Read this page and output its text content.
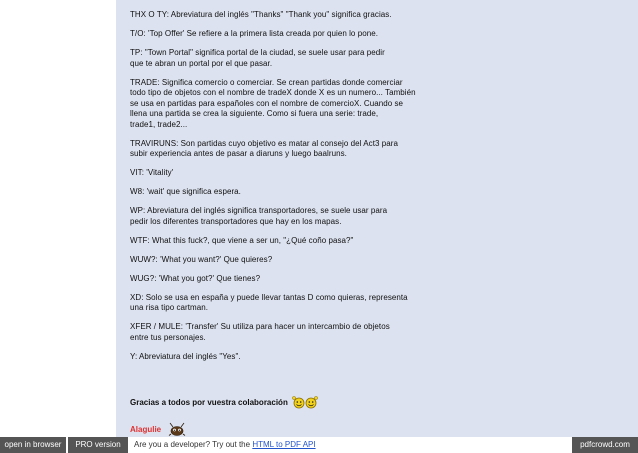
THX O TY: Abreviatura del inglés "Thanks" "Thank you" significa gracias.

T/O: 'Top Offer' Se refiere a la primera lista creada por quien lo pone.

TP: "Town Portal" significa portal de la ciudad, se suele usar para pedir
que te abran un portal por el que pasar.

TRADE: Significa comercio o comerciar. Se crean partidas donde comerciar
todo tipo de objetos con el nombre de tradeX donde X es un numero... También
se usa en partidas para españoles con el nombre de comercioX. Cuando se
llena una partida se crea la siguiente. Como si fuera una serie: trade,
trade1, trade2...

TRAVIRUNS: Son partidas cuyo objetivo es matar al consejo del Act3 para
subir experiencia antes de pasar a diaruns y luego baalruns.

VIT: 'Vitality'

W8: 'wait' que significa espera.

WP: Abreviatura del inglés significa transportadores, se suele usar para
pedir los diferentes transportadores que hay en los mapas.

WTF: What this fuck?, que viene a ser un, "¿Qué coño pasa?"

WUW?: 'What you want?' Que quieres?

WUG?: 'What you got?' Que tienes?

XD: Solo se usa en españa y puede llevar tantas D como quieras, representa
una risa tipo cartman.

XFER / MULE: 'Transfer' Su utiliza para hacer un intercambio de objetos
entre tus personajes.

Y: Abreviatura del inglés "Yes".

Gracias a todos por vuestra colaboración
Alagulie
open in browser	PRO version	Are you a developer? Try out the HTML to PDF API	pdfcrowd.com
